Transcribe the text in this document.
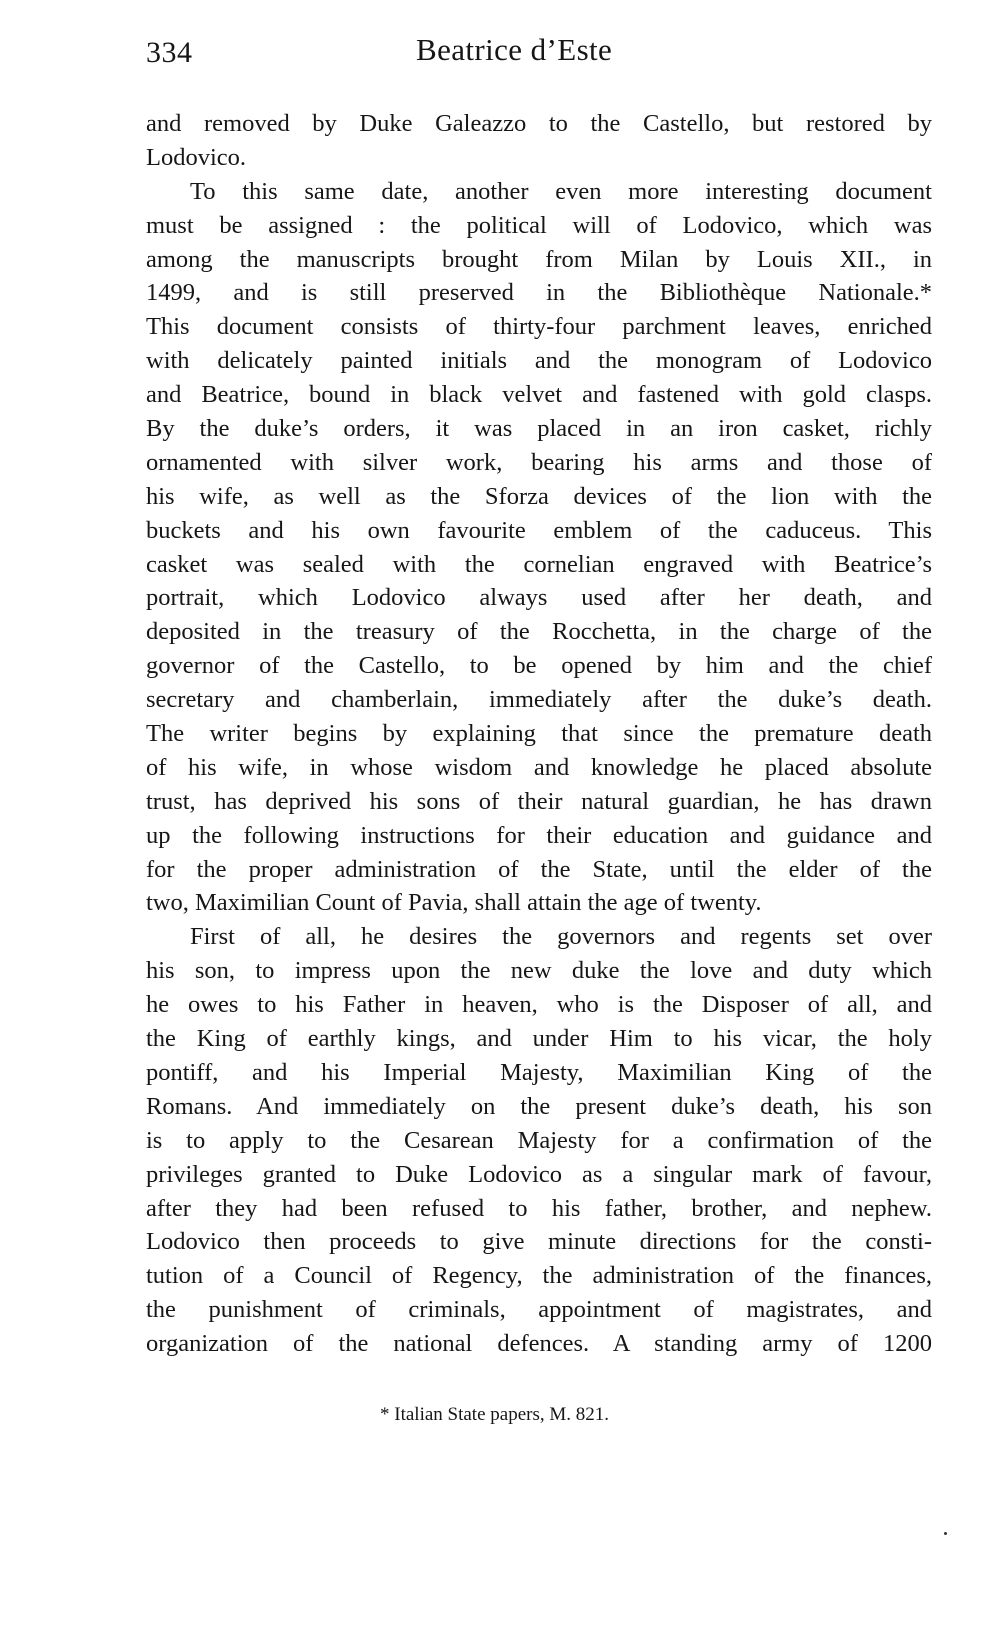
334	Beatrice d’Este
and removed by Duke Galeazzo to the Castello, but restored by
Lodovico.
To this same date, another even more interesting document
must be assigned : the political will of Lodovico, which was
among the manuscripts brought from Milan by Louis XII., in
1499, and is still preserved in the Bibliothèque Nationale.*
This document consists of thirty-four parchment leaves, enriched
with delicately painted initials and the monogram of Lodovico
and Beatrice, bound in black velvet and fastened with gold clasps.
By the duke’s orders, it was placed in an iron casket, richly
ornamented with silver work, bearing his arms and those of
his wife, as well as the Sforza devices of the lion with the
buckets and his own favourite emblem of the caduceus. This
casket was sealed with the cornelian engraved with Beatrice’s
portrait, which Lodovico always used after her death, and
deposited in the treasury of the Rocchetta, in the charge of the
governor of the Castello, to be opened by him and the chief
secretary and chamberlain, immediately after the duke’s death.
The writer begins by explaining that since the premature death
of his wife, in whose wisdom and knowledge he placed absolute
trust, has deprived his sons of their natural guardian, he has drawn
up the following instructions for their education and guidance and
for the proper administration of the State, until the elder of the
two, Maximilian Count of Pavia, shall attain the age of twenty.
First of all, he desires the governors and regents set over
his son, to impress upon the new duke the love and duty which
he owes to his Father in heaven, who is the Disposer of all, and
the King of earthly kings, and under Him to his vicar, the holy
pontiff, and his Imperial Majesty, Maximilian King of the
Romans. And immediately on the present duke’s death, his son
is to apply to the Cesarean Majesty for a confirmation of the
privileges granted to Duke Lodovico as a singular mark of favour,
after they had been refused to his father, brother, and nephew.
Lodovico then proceeds to give minute directions for the consti-
tution of a Council of Regency, the administration of the finances,
the punishment of criminals, appointment of magistrates, and
organization of the national defences. A standing army of 1200
* Italian State papers, M. 821.
